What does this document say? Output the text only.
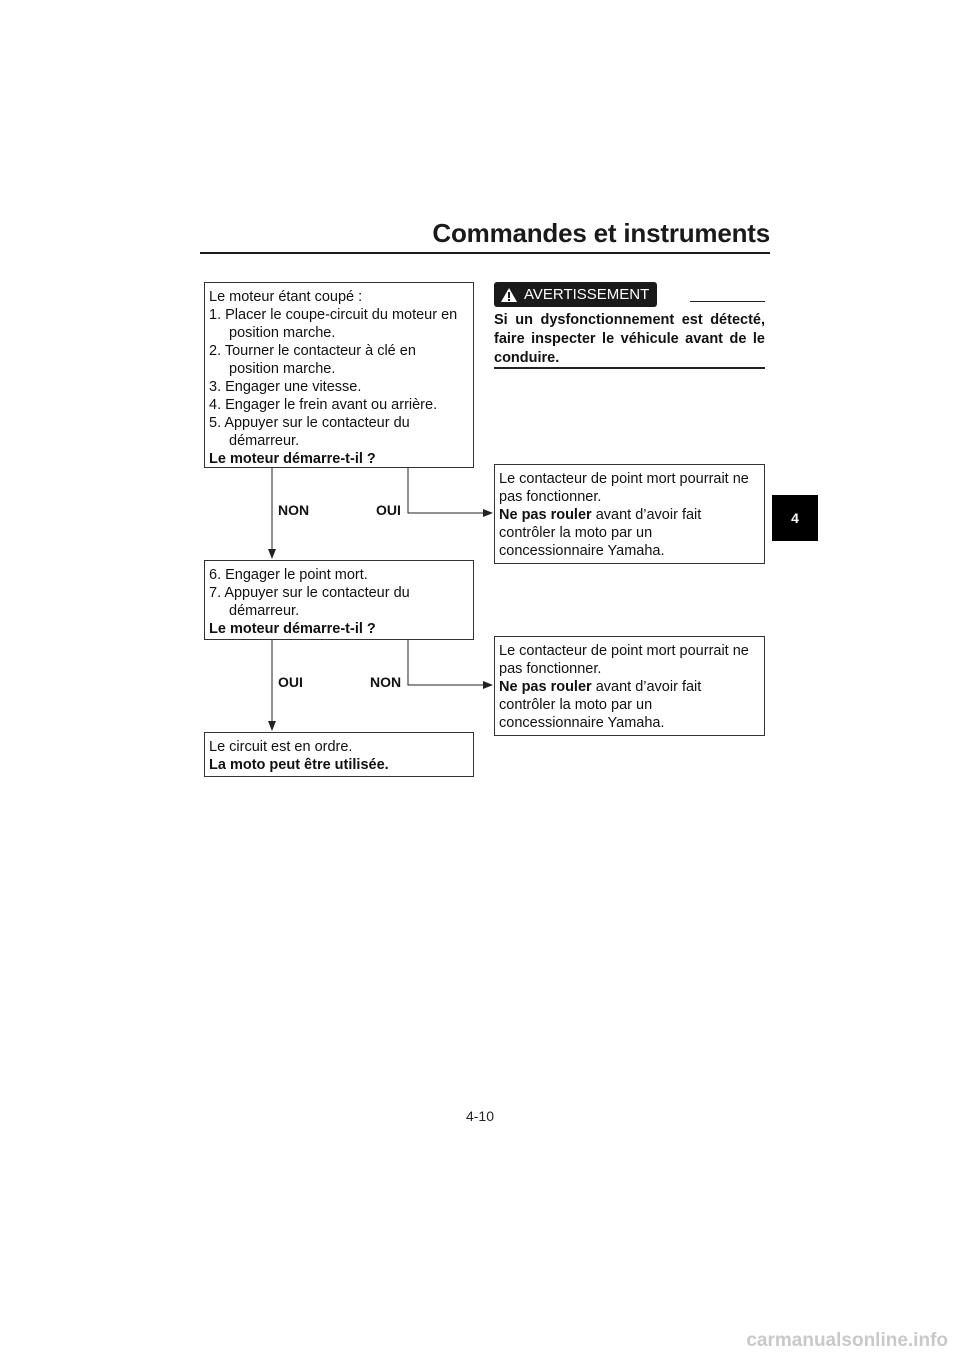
Commandes et instruments
4
Le moteur étant coupé :
1. Placer le coupe-circuit du moteur en
position marche.
2. Tourner le contacteur à clé en
position marche.
3. Engager une vitesse.
4. Engager le frein avant ou arrière.
5. Appuyer sur le contacteur du
démarreur.
Le moteur démarre-t-il ?
NON	OUI
AVERTISSEMENT
Si un dysfonctionnement est détecté, faire inspecter le véhicule avant de le conduire.
Le contacteur de point mort pourrait ne
pas fonctionner.
Ne pas rouler avant d’avoir fait
contrôler la moto par un
concessionnaire Yamaha.
6. Engager le point mort.
7. Appuyer sur le contacteur du
démarreur.
Le moteur démarre-t-il ?
OUI	NON
Le contacteur de point mort pourrait ne
pas fonctionner.
Ne pas rouler avant d’avoir fait
contrôler la moto par un
concessionnaire Yamaha.
Le circuit est en ordre.
La moto peut être utilisée.
4-10
carmanualsonline.info
